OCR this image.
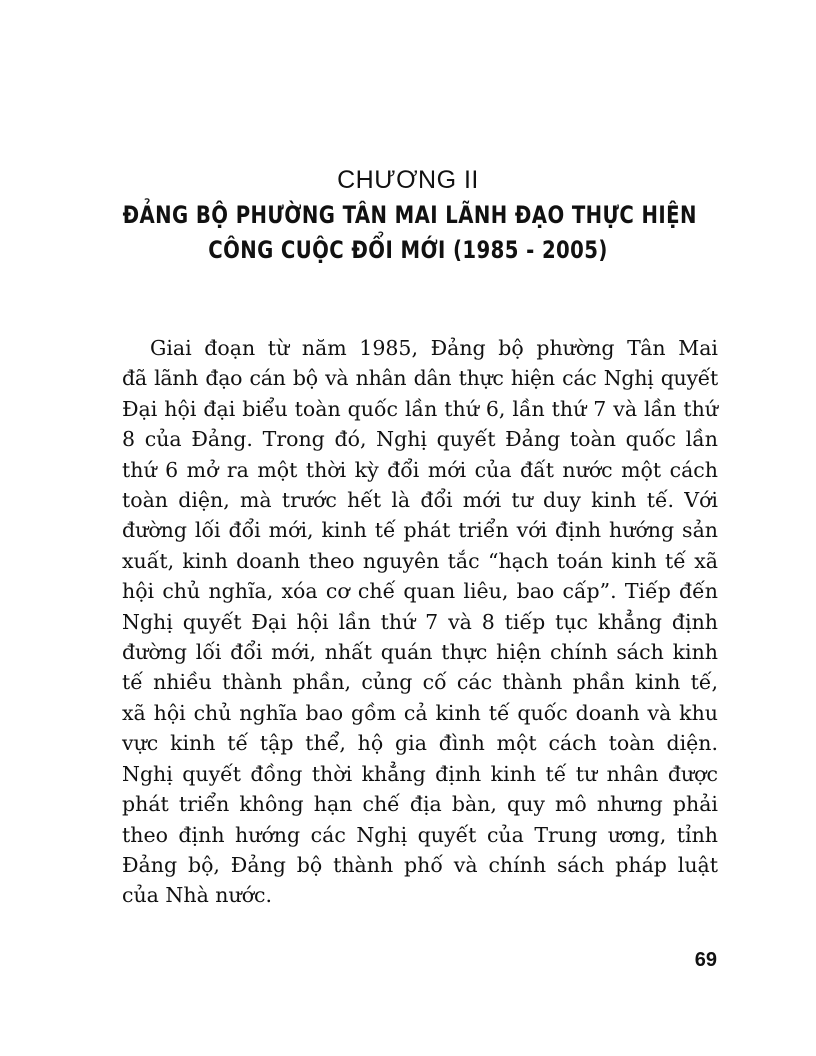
CHƯƠNG II
ĐẢNG BỘ PHƯỜNG TÂN MAI LÃNH ĐẠO THỰC HIỆN
CÔNG CUỘC ĐỔI MỚI (1985 - 2005)
Giai đoạn từ năm 1985, Đảng bộ phường Tân Mai
đã lãnh đạo cán bộ và nhân dân thực hiện các Nghị quyết
Đại hội đại biểu toàn quốc lần thứ 6, lần thứ 7 và lần thứ
8 của Đảng. Trong đó, Nghị quyết Đảng toàn quốc lần
thứ 6 mở ra một thời kỳ đổi mới của đất nước một cách
toàn diện, mà trước hết là đổi mới tư duy kinh tế. Với
đường lối đổi mới, kinh tế phát triển với định hướng sản
xuất, kinh doanh theo nguyên tắc “hạch toán kinh tế xã
hội chủ nghĩa, xóa cơ chế quan liêu, bao cấp”. Tiếp đến
Nghị quyết Đại hội lần thứ 7 và 8 tiếp tục khẳng định
đường lối đổi mới, nhất quán thực hiện chính sách kinh
tế nhiều thành phần, củng cố các thành phần kinh tế,
xã hội chủ nghĩa bao gồm cả kinh tế quốc doanh và khu
vực kinh tế tập thể, hộ gia đình một cách toàn diện.
Nghị quyết đồng thời khẳng định kinh tế tư nhân được
phát triển không hạn chế địa bàn, quy mô nhưng phải
theo định hướng các Nghị quyết của Trung ương, tỉnh
Đảng bộ, Đảng bộ thành phố và chính sách pháp luật
của Nhà nước.
69
